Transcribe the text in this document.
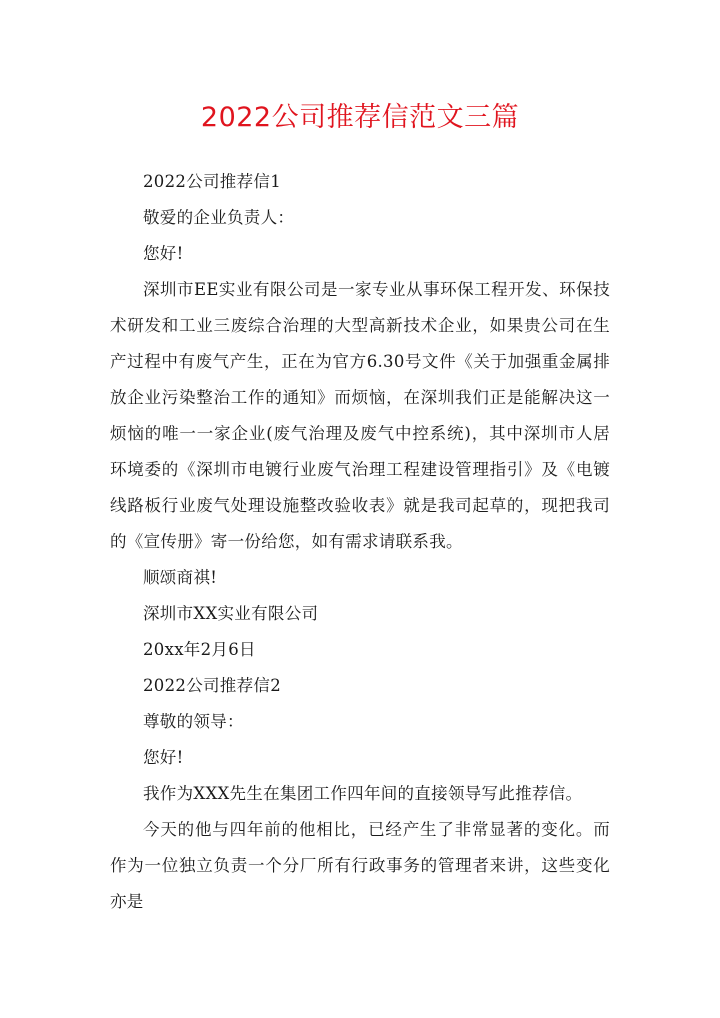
2022公司推荐信范文三篇
2022公司推荐信1
敬爱的企业负责人：
您好!

深圳市EE实业有限公司是一家专业从事环保工程开发、环保技术研发和工业三废综合治理的大型高新技术企业，如果贵公司在生产过程中有废气产生，正在为官方6.30号文件《关于加强重金属排放企业污染整治工作的通知》而烦恼，在深圳我们正是能解决这一烦恼的唯一一家企业(废气治理及废气中控系统)，其中深圳市人居环境委的《深圳市电镀行业废气治理工程建设管理指引》及《电镀线路板行业废气处理设施整改验收表》就是我司起草的，现把我司的《宣传册》寄一份给您，如有需求请联系我。

顺颂商祺!
深圳市XX实业有限公司
20xx年2月6日
2022公司推荐信2
尊敬的领导：
您好!

我作为XXX先生在集团工作四年间的直接领导写此推荐信。

今天的他与四年前的他相比，已经产生了非常显著的变化。而作为一位独立负责一个分厂所有行政事务的管理者来讲，这些变化亦是
